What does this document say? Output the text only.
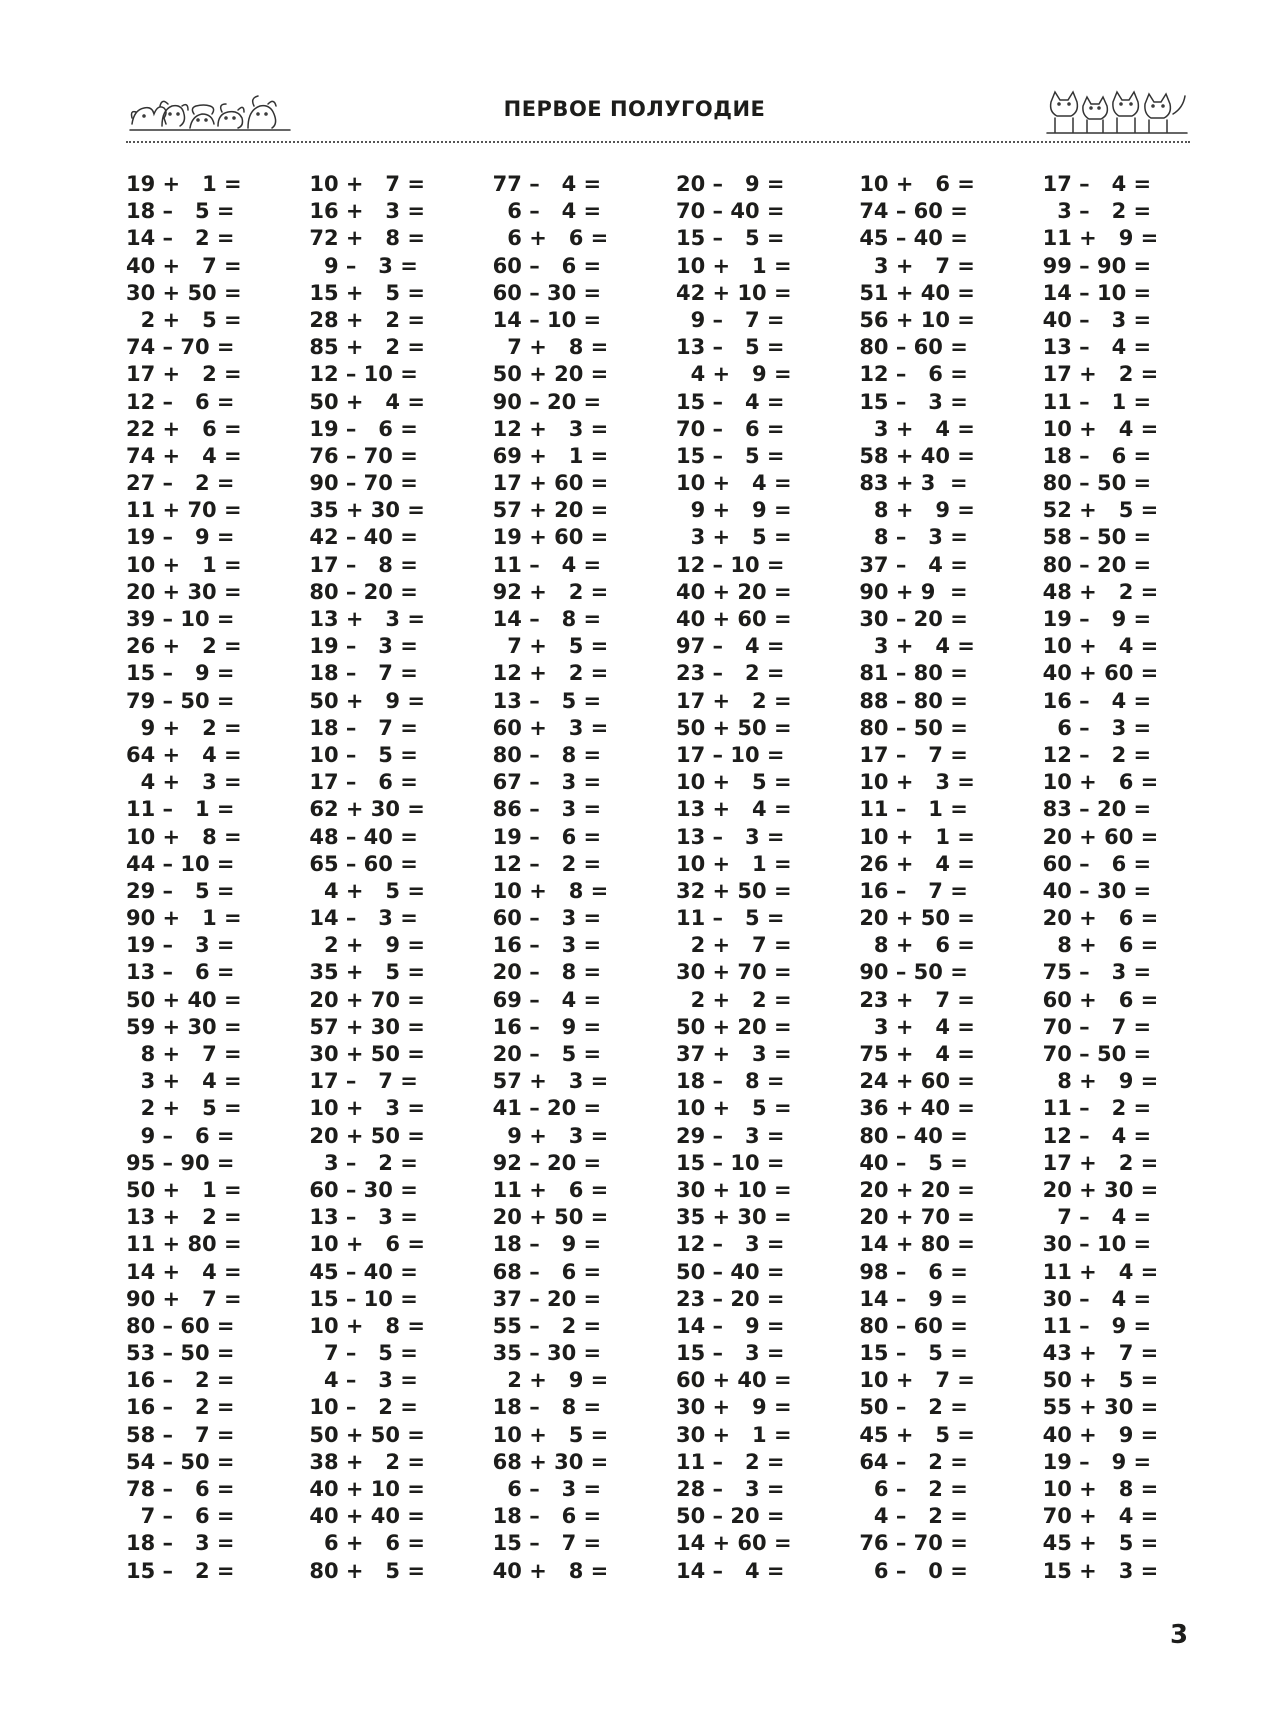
ПЕРВОЕ ПОЛУГОДИЕ
19 +   1 =
18 –   5 =
14 –   2 =
40 +   7 =
30 + 50 =
2 +   5 =
74 – 70 =
17 +   2 =
12 –   6 =
22 +   6 =
74 +   4 =
27 –   2 =
11 + 70 =
19 –   9 =
10 +   1 =
20 + 30 =
39 – 10 =
26 +   2 =
15 –   9 =
79 – 50 =
9 +   2 =
64 +   4 =
4 +   3 =
11 –   1 =
10 +   8 =
44 – 10 =
29 –   5 =
90 +   1 =
19 –   3 =
13 –   6 =
50 + 40 =
59 + 30 =
8 +   7 =
3 +   4 =
2 +   5 =
9 –   6 =
95 – 90 =
50 +   1 =
13 +   2 =
11 + 80 =
14 +   4 =
90 +   7 =
80 – 60 =
53 – 50 =
16 –   2 =
16 –   2 =
58 –   7 =
54 – 50 =
78 –   6 =
7 –   6 =
18 –   3 =
15 –   2 =
10 +   7 =
16 +   3 =
72 +   8 =
9 –   3 =
15 +   5 =
28 +   2 =
85 +   2 =
12 – 10 =
50 +   4 =
19 –   6 =
76 – 70 =
90 – 70 =
35 + 30 =
42 – 40 =
17 –   8 =
80 – 20 =
13 +   3 =
19 –   3 =
18 –   7 =
50 +   9 =
18 –   7 =
10 –   5 =
17 –   6 =
62 + 30 =
48 – 40 =
65 – 60 =
4 +   5 =
14 –   3 =
2 +   9 =
35 +   5 =
20 + 70 =
57 + 30 =
30 + 50 =
17 –   7 =
10 +   3 =
20 + 50 =
3 –   2 =
60 – 30 =
13 –   3 =
10 +   6 =
45 – 40 =
15 – 10 =
10 +   8 =
7 –   5 =
4 –   3 =
10 –   2 =
50 + 50 =
38 +   2 =
40 + 10 =
40 + 40 =
6 +   6 =
80 +   5 =
77 –   4 =
6 –   4 =
6 +   6 =
60 –   6 =
60 – 30 =
14 – 10 =
7 +   8 =
50 + 20 =
90 – 20 =
12 +   3 =
69 +   1 =
17 + 60 =
57 + 20 =
19 + 60 =
11 –   4 =
92 +   2 =
14 –   8 =
7 +   5 =
12 +   2 =
13 –   5 =
60 +   3 =
80 –   8 =
67 –   3 =
86 –   3 =
19 –   6 =
12 –   2 =
10 +   8 =
60 –   3 =
16 –   3 =
20 –   8 =
69 –   4 =
16 –   9 =
20 –   5 =
57 +   3 =
41 – 20 =
9 +   3 =
92 – 20 =
11 +   6 =
20 + 50 =
18 –   9 =
68 –   6 =
37 – 20 =
55 –   2 =
35 – 30 =
2 +   9 =
18 –   8 =
10 +   5 =
68 + 30 =
6 –   3 =
18 –   6 =
15 –   7 =
40 +   8 =
20 –   9 =
70 – 40 =
15 –   5 =
10 +   1 =
42 + 10 =
9 –   7 =
13 –   5 =
4 +   9 =
15 –   4 =
70 –   6 =
15 –   5 =
10 +   4 =
9 +   9 =
3 +   5 =
12 – 10 =
40 + 20 =
40 + 60 =
97 –   4 =
23 –   2 =
17 +   2 =
50 + 50 =
17 – 10 =
10 +   5 =
13 +   4 =
13 –   3 =
10 +   1 =
32 + 50 =
11 –   5 =
2 +   7 =
30 + 70 =
2 +   2 =
50 + 20 =
37 +   3 =
18 –   8 =
10 +   5 =
29 –   3 =
15 – 10 =
30 + 10 =
35 + 30 =
12 –   3 =
50 – 40 =
23 – 20 =
14 –   9 =
15 –   3 =
60 + 40 =
30 +   9 =
30 +   1 =
11 –   2 =
28 –   3 =
50 – 20 =
14 + 60 =
14 –   4 =
10 +   6 =
74 – 60 =
45 – 40 =
3 +   7 =
51 + 40 =
56 + 10 =
80 – 60 =
12 –   6 =
15 –   3 =
3 +   4 =
58 + 40 =
83 + 3  =
8 +   9 =
8 –   3 =
37 –   4 =
90 + 9  =
30 – 20 =
3 +   4 =
81 – 80 =
88 – 80 =
80 – 50 =
17 –   7 =
10 +   3 =
11 –   1 =
10 +   1 =
26 +   4 =
16 –   7 =
20 + 50 =
8 +   6 =
90 – 50 =
23 +   7 =
3 +   4 =
75 +   4 =
24 + 60 =
36 + 40 =
80 – 40 =
40 –   5 =
20 + 20 =
20 + 70 =
14 + 80 =
98 –   6 =
14 –   9 =
80 – 60 =
15 –   5 =
10 +   7 =
50 –   2 =
45 +   5 =
64 –   2 =
6 –   2 =
4 –   2 =
76 – 70 =
6 –   0 =
17 –   4 =
3 –   2 =
11 +   9 =
99 – 90 =
14 – 10 =
40 –   3 =
13 –   4 =
17 +   2 =
11 –   1 =
10 +   4 =
18 –   6 =
80 – 50 =
52 +   5 =
58 – 50 =
80 – 20 =
48 +   2 =
19 –   9 =
10 +   4 =
40 + 60 =
16 –   4 =
6 –   3 =
12 –   2 =
10 +   6 =
83 – 20 =
20 + 60 =
60 –   6 =
40 – 30 =
20 +   6 =
8 +   6 =
75 –   3 =
60 +   6 =
70 –   7 =
70 – 50 =
8 +   9 =
11 –   2 =
12 –   4 =
17 +   2 =
20 + 30 =
7 –   4 =
30 – 10 =
11 +   4 =
30 –   4 =
11 –   9 =
43 +   7 =
50 +   5 =
55 + 30 =
40 +   9 =
19 –   9 =
10 +   8 =
70 +   4 =
45 +   5 =
15 +   3 =
3
